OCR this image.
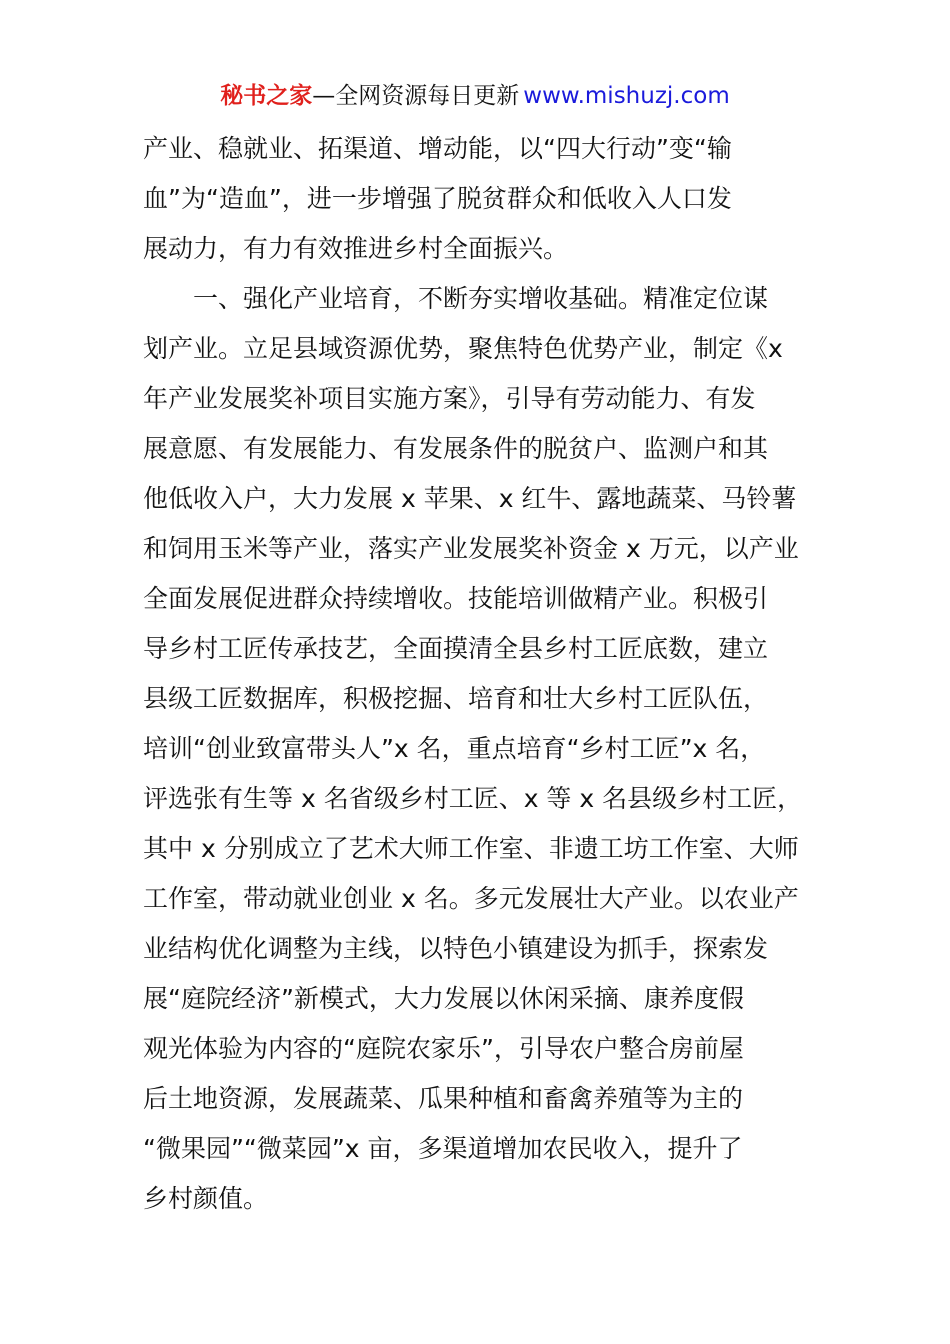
秘书之家—全网资源每日更新 www.mishuzj.com
产业、稳就业、拓渠道、增动能，以“四大行动”变“输
血”为“造血”，进一步增强了脱贫群众和低收入人口发
展动力，有力有效推进乡村全面振兴。
一、强化产业培育，不断夯实增收基础。精准定位谋
划产业。立足县域资源优势，聚焦特色优势产业，制定《x
年产业发展奖补项目实施方案》，引导有劳动能力、有发
展意愿、有发展能力、有发展条件的脱贫户、监测户和其
他低收入户，大力发展 x 苹果、x 红牛、露地蔬菜、马铃薯
和饲用玉米等产业，落实产业发展奖补资金 x 万元，以产业
全面发展促进群众持续增收。技能培训做精产业。积极引
导乡村工匠传承技艺，全面摸清全县乡村工匠底数，建立
县级工匠数据库，积极挖掘、培育和壮大乡村工匠队伍，
培训“创业致富带头人”x 名，重点培育“乡村工匠”x 名，
评选张有生等 x 名省级乡村工匠、x 等 x 名县级乡村工匠，
其中 x 分别成立了艺术大师工作室、非遗工坊工作室、大师
工作室，带动就业创业 x 名。多元发展壮大产业。以农业产
业结构优化调整为主线，以特色小镇建设为抓手，探索发
展“庭院经济”新模式，大力发展以休闲采摘、康养度假
观光体验为内容的“庭院农家乐”，引导农户整合房前屋
后土地资源，发展蔬菜、瓜果种植和畜禽养殖等为主的
“微果园”“微菜园”x 亩，多渠道增加农民收入，提升了
乡村颜值。
